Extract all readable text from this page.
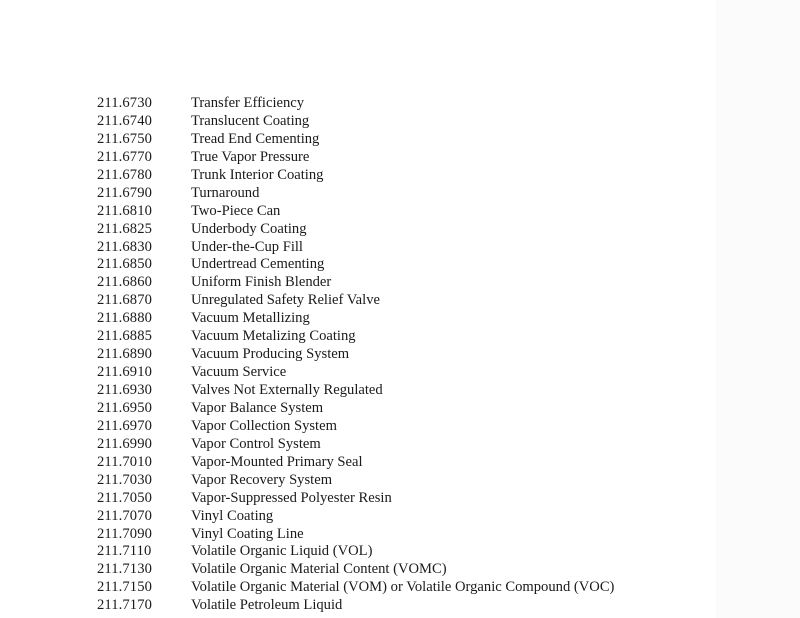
211.6730	Transfer Efficiency
211.6740	Translucent Coating
211.6750	Tread End Cementing
211.6770	True Vapor Pressure
211.6780	Trunk Interior Coating
211.6790	Turnaround
211.6810	Two-Piece Can
211.6825	Underbody Coating
211.6830	Under-the-Cup Fill
211.6850	Undertread Cementing
211.6860	Uniform Finish Blender
211.6870	Unregulated Safety Relief Valve
211.6880	Vacuum Metallizing
211.6885	Vacuum Metalizing Coating
211.6890	Vacuum Producing System
211.6910	Vacuum Service
211.6930	Valves Not Externally Regulated
211.6950	Vapor Balance System
211.6970	Vapor Collection System
211.6990	Vapor Control System
211.7010	Vapor-Mounted Primary Seal
211.7030	Vapor Recovery System
211.7050	Vapor-Suppressed Polyester Resin
211.7070	Vinyl Coating
211.7090	Vinyl Coating Line
211.7110	Volatile Organic Liquid (VOL)
211.7130	Volatile Organic Material Content (VOMC)
211.7150	Volatile Organic Material (VOM) or Volatile Organic Compound (VOC)
211.7170	Volatile Petroleum Liquid
